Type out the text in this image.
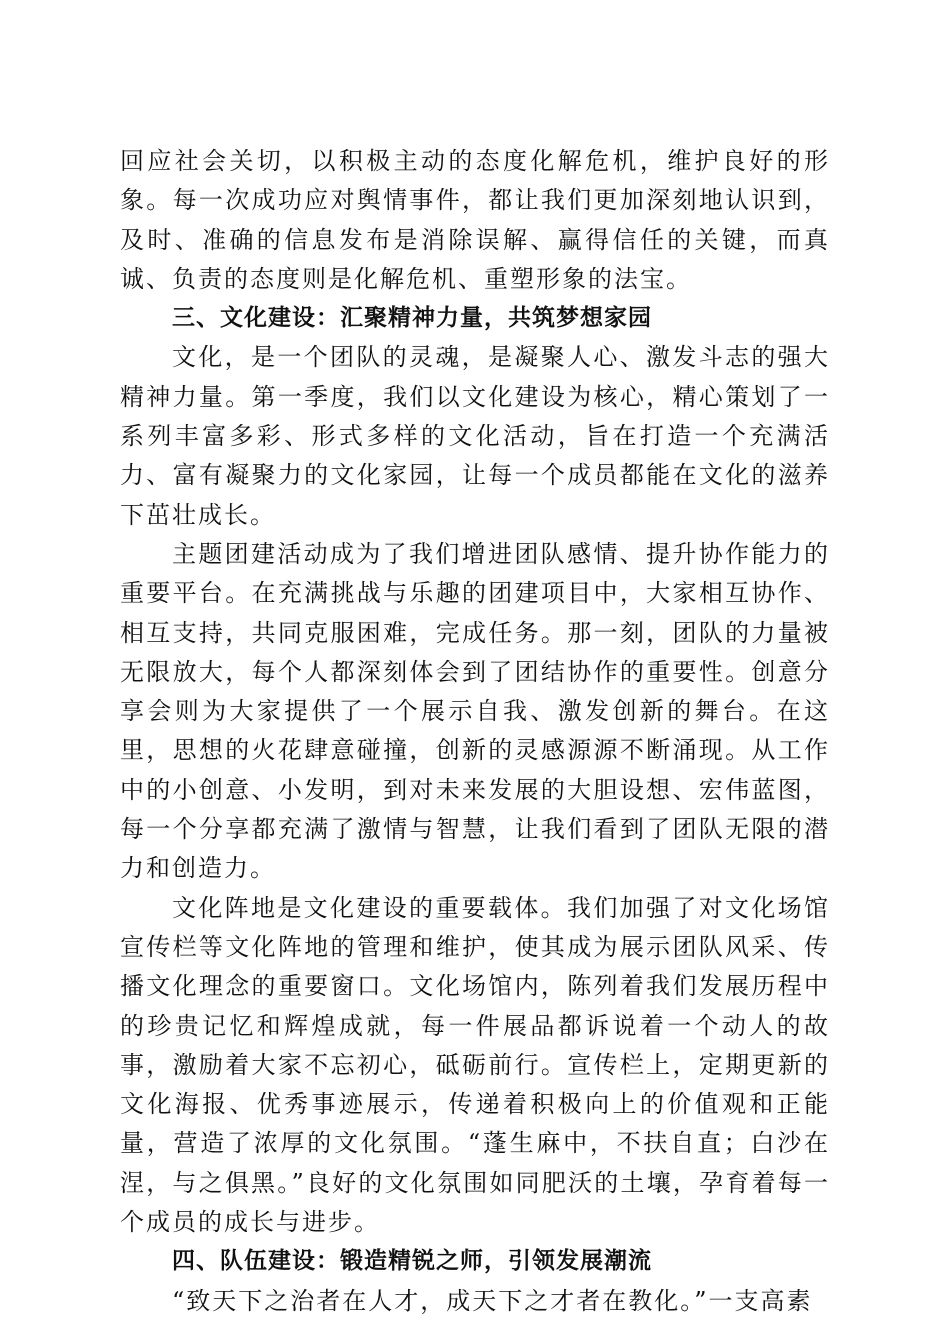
回应社会关切，以积极主动的态度化解危机，维护良好的形象。每一次成功应对舆情事件，都让我们更加深刻地认识到，及时、准确的信息发布是消除误解、赢得信任的关键，而真诚、负责的态度则是化解危机、重塑形象的法宝。

三、文化建设：汇聚精神力量，共筑梦想家园

文化，是一个团队的灵魂，是凝聚人心、激发斗志的强大精神力量。第一季度，我们以文化建设为核心，精心策划了一系列丰富多彩、形式多样的文化活动，旨在打造一个充满活力、富有凝聚力的文化家园，让每一个成员都能在文化的滋养下茁壮成长。

主题团建活动成为了我们增进团队感情、提升协作能力的重要平台。在充满挑战与乐趣的团建项目中，大家相互协作、相互支持，共同克服困难，完成任务。那一刻，团队的力量被无限放大，每个人都深刻体会到了团结协作的重要性。创意分享会则为大家提供了一个展示自我、激发创新的舞台。在这里，思想的火花肆意碰撞，创新的灵感源源不断涌现。从工作中的小创意、小发明，到对未来发展的大胆设想、宏伟蓝图，每一个分享都充满了激情与智慧，让我们看到了团队无限的潜力和创造力。

文化阵地是文化建设的重要载体。我们加强了对文化场馆宣传栏等文化阵地的管理和维护，使其成为展示团队风采、传播文化理念的重要窗口。文化场馆内，陈列着我们发展历程中的珍贵记忆和辉煌成就，每一件展品都诉说着一个动人的故事，激励着大家不忘初心，砥砺前行。宣传栏上，定期更新的文化海报、优秀事迹展示，传递着积极向上的价值观和正能量，营造了浓厚的文化氛围。“蓬生麻中，不扶自直；白沙在涅，与之俱黑。”良好的文化氛围如同肥沃的土壤，孕育着每一个成员的成长与进步。

四、队伍建设：锻造精锐之师，引领发展潮流

“致天下之治者在人才，成天下之才者在教化。”一支高素
